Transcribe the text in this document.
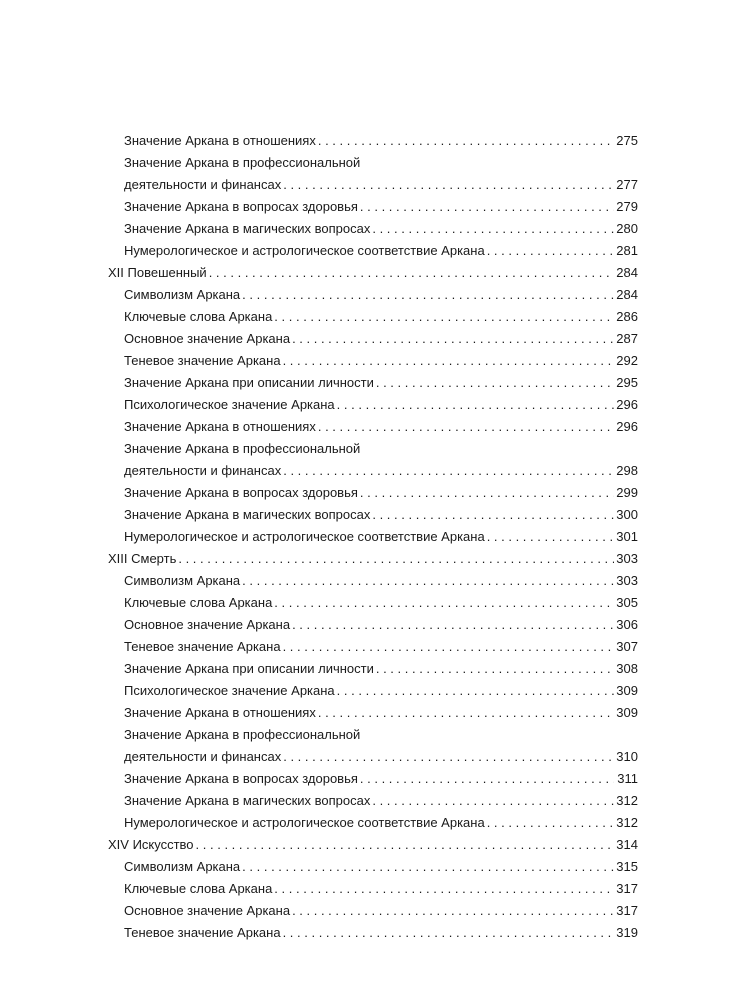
Значение Аркана в отношениях . . .	275
Значение Аркана в профессиональной
деятельности и финансах . . .	277
Значение Аркана в вопросах здоровья . . .	279
Значение Аркана в магических вопросах . . .	280
Нумерологическое и астрологическое соответствие Аркана . . .	281
XII Повешенный . . .	284
Символизм Аркана . . .	284
Ключевые слова Аркана . . .	286
Основное значение Аркана . . .	287
Теневое значение Аркана . . .	292
Значение Аркана при описании личности . . .	295
Психологическое значение Аркана . . .	296
Значение Аркана в отношениях . . .	296
Значение Аркана в профессиональной
деятельности и финансах . . .	298
Значение Аркана в вопросах здоровья . . .	299
Значение Аркана в магических вопросах . . .	300
Нумерологическое и астрологическое соответствие Аркана . . .	301
XIII Смерть . . .	303
Символизм Аркана . . .	303
Ключевые слова Аркана . . .	305
Основное значение Аркана . . .	306
Теневое значение Аркана . . .	307
Значение Аркана при описании личности . . .	308
Психологическое значение Аркана . . .	309
Значение Аркана в отношениях . . .	309
Значение Аркана в профессиональной
деятельности и финансах . . .	310
Значение Аркана в вопросах здоровья . . .	311
Значение Аркана в магических вопросах . . .	312
Нумерологическое и астрологическое соответствие Аркана . . .	312
XIV Искусство . . .	314
Символизм Аркана . . .	315
Ключевые слова Аркана . . .	317
Основное значение Аркана . . .	317
Теневое значение Аркана . . .	319
